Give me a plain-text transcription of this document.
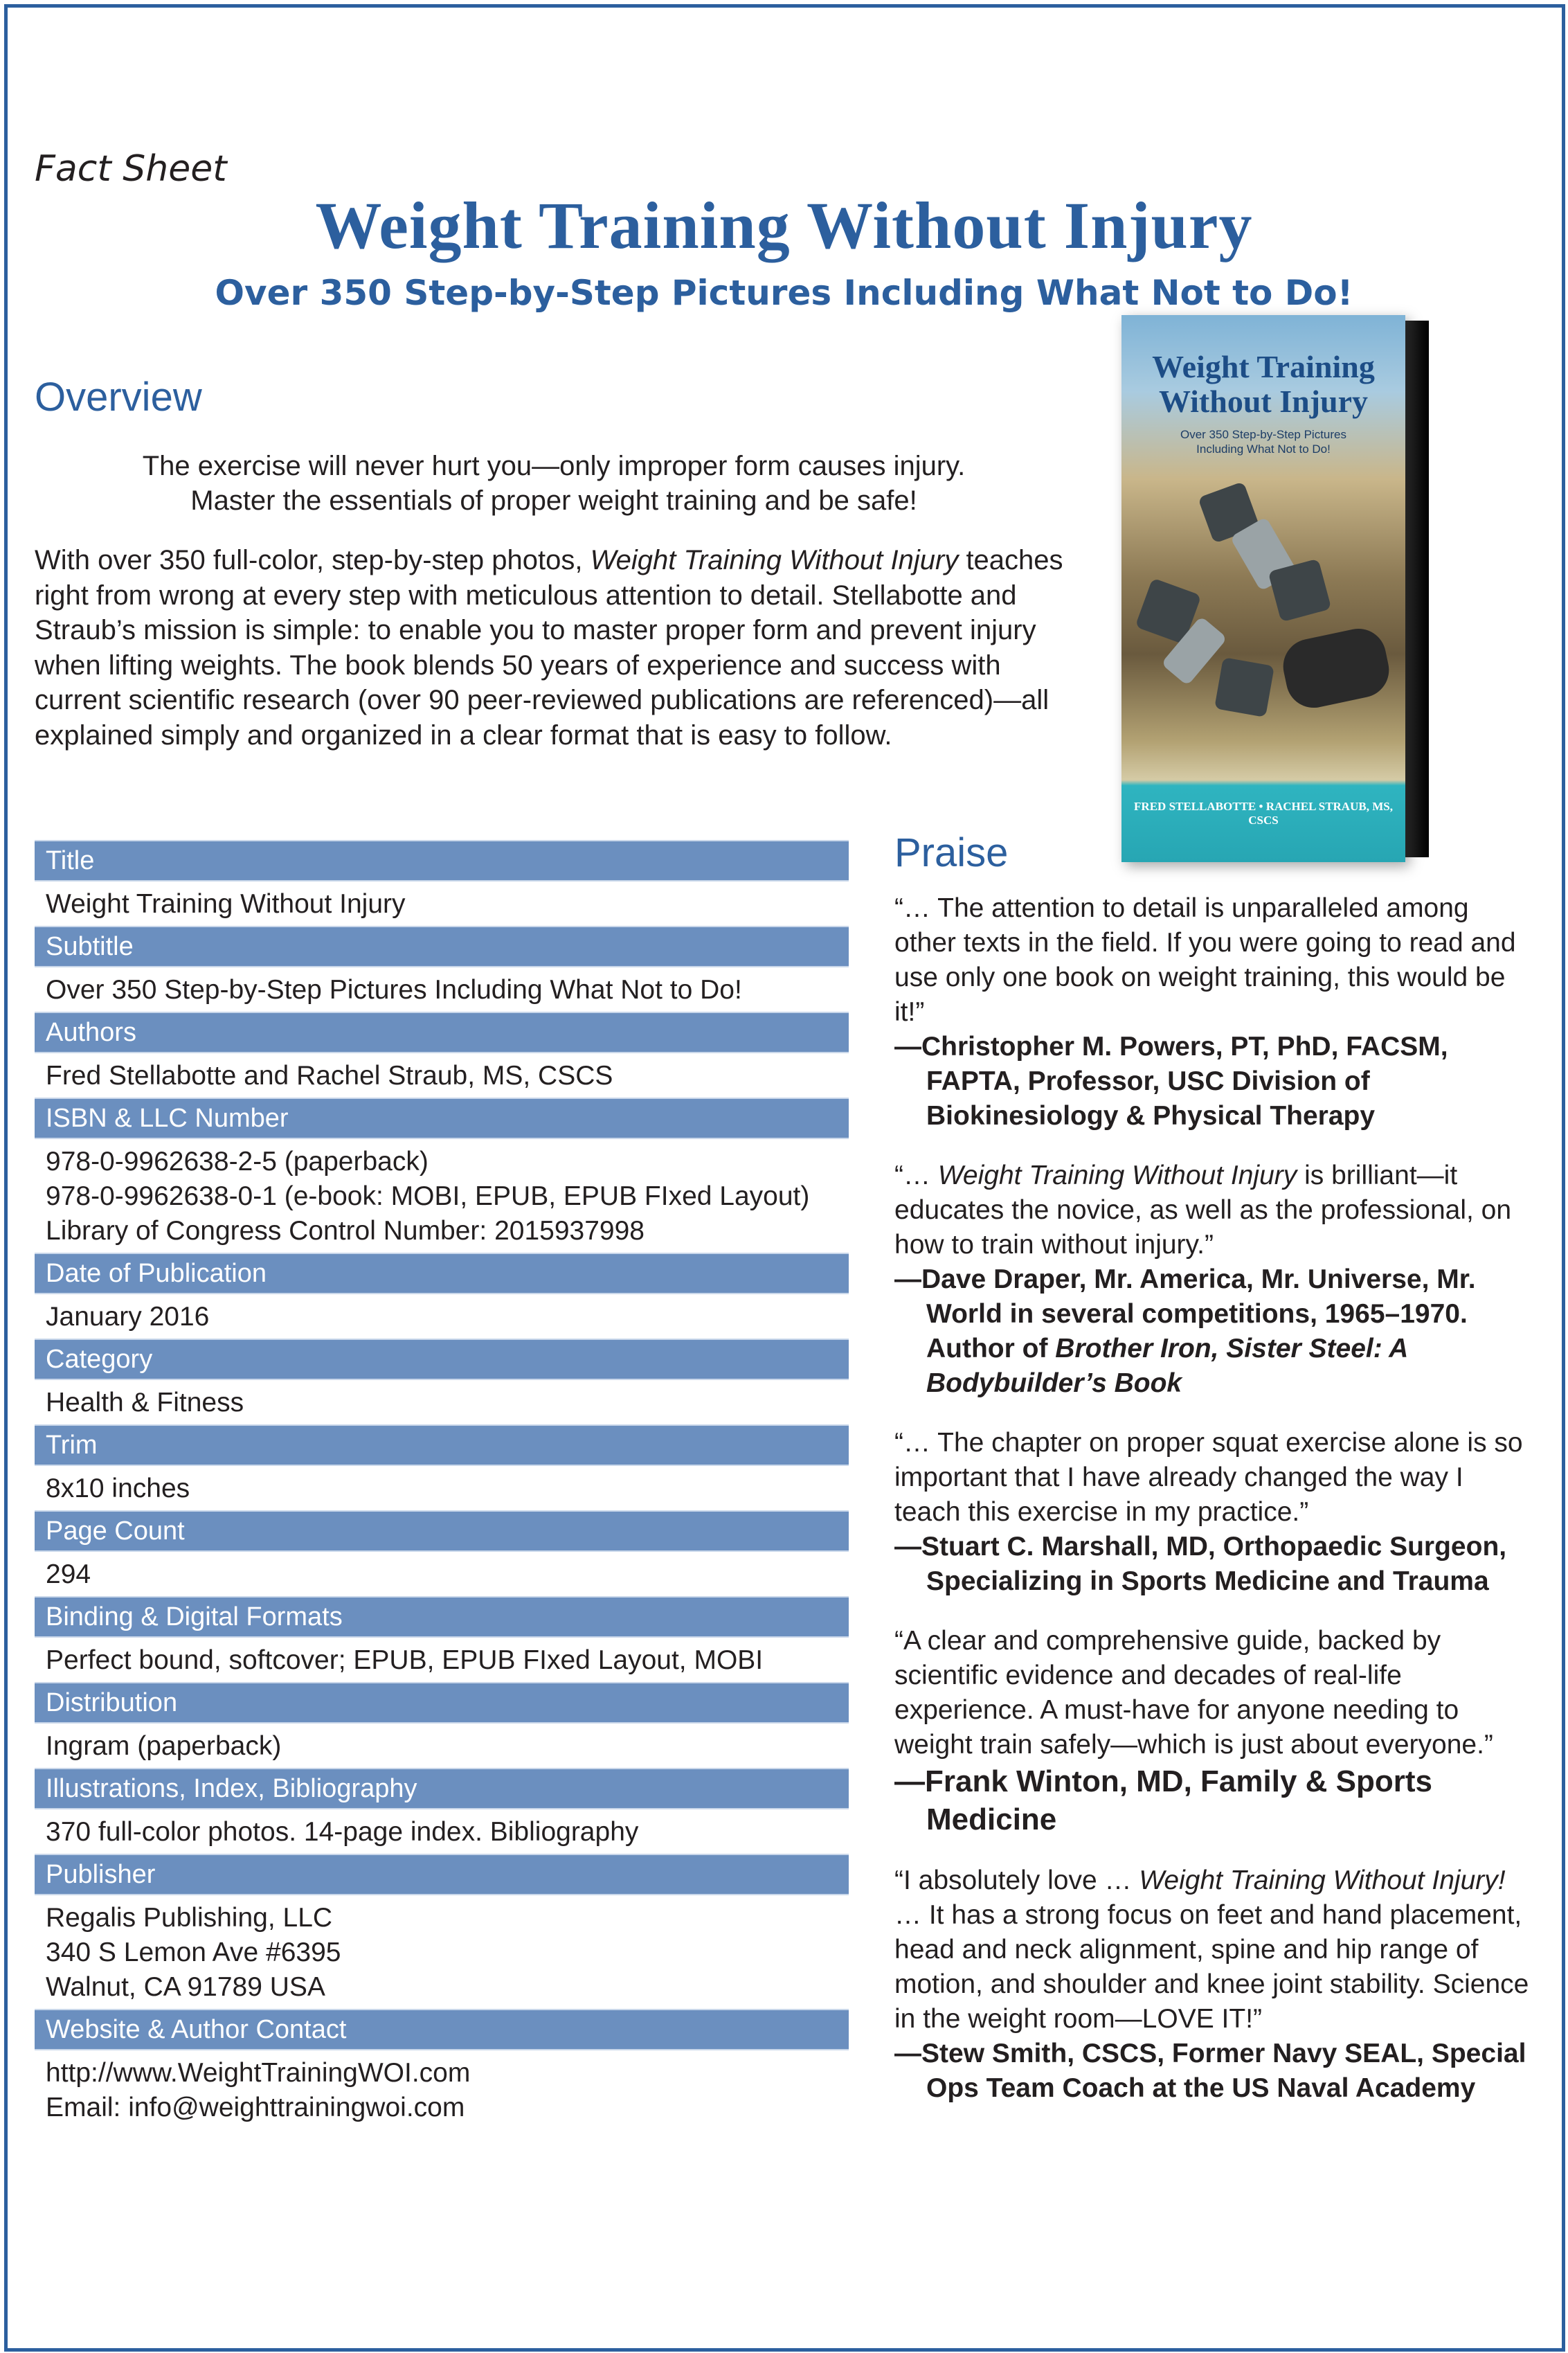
Fact Sheet
Weight Training Without Injury
Over 350 Step-by-Step Pictures Including What Not to Do!
Overview
The exercise will never hurt you—only improper form causes injury.
Master the essentials of proper weight training and be safe!
With over 350 full-color, step-by-step photos, Weight Training Without Injury teaches right from wrong at every step with meticulous attention to detail. Stellabotte and Straub’s mission is simple: to enable you to master proper form and prevent injury when lifting weights. The book blends 50 years of experience and success with current scientific research (over 90 peer-reviewed publications are referenced)—all explained simply and organized in a clear format that is easy to follow.
Weight Training
Without Injury
Over 350 Step-by-Step Pictures
Including What Not to Do!
FRED STELLABOTTE • RACHEL STRAUB, MS, CSCS
Title
Weight Training Without Injury
Subtitle
Over 350 Step-by-Step Pictures Including What Not to Do!
Authors
Fred Stellabotte and Rachel Straub, MS, CSCS
ISBN & LLC Number
978-0-9962638-2-5 (paperback)
978-0-9962638-0-1 (e-book: MOBI, EPUB, EPUB FIxed Layout)
Library of Congress Control Number: 2015937998
Date of Publication
January 2016
Category
Health & Fitness
Trim
8x10 inches
Page Count
294
Binding & Digital Formats
Perfect bound, softcover; EPUB, EPUB FIxed Layout, MOBI
Distribution
Ingram (paperback)
Illustrations, Index, Bibliography
370 full-color photos. 14-page index. Bibliography
Publisher
Regalis Publishing, LLC
340 S Lemon Ave #6395
Walnut, CA 91789 USA
Website & Author Contact
http://www.WeightTrainingWOI.com
Email: info@weighttrainingwoi.com
Praise
“… The attention to detail is unparalleled among other texts in the field. If you were going to read and use only one book on weight training, this would be it!”
—Christopher M. Powers, PT, PhD, FACSM, FAPTA, Professor, USC Division of Biokinesiology & Physical Therapy
“… Weight Training Without Injury is brilliant—it educates the novice, as well as the professional, on how to train without injury.”
—Dave Draper, Mr. America, Mr. Universe, Mr. World in several competitions, 1965–1970. Author of Brother Iron, Sister Steel: A Bodybuilder’s Book
“… The chapter on proper squat exercise alone is so important that I have already changed the way I teach this exercise in my practice.”
—Stuart C. Marshall, MD, Orthopaedic Surgeon, Specializing in Sports Medicine and Trauma
“A clear and comprehensive guide, backed by scientific evidence and decades of real-life experience. A must-have for anyone needing to weight train safely—which is just about everyone.”
—Frank Winton, MD, Family & Sports Medicine
“I absolutely love … Weight Training Without Injury! … It has a strong focus on feet and hand placement, head and neck alignment, spine and hip range of motion, and shoulder and knee joint stability. Science in the weight room—LOVE IT!”
—Stew Smith, CSCS, Former Navy SEAL, Special Ops Team Coach at the US Naval Academy
